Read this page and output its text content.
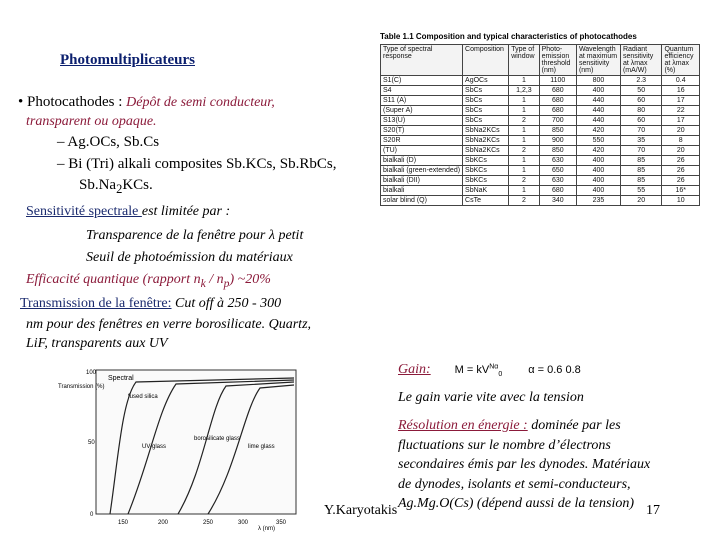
Photomultiplicateurs
• Photocathodes : Dépôt de semi conducteur,
transparent ou opaque.
– Ag.OCs, Sb.Cs
– Bi (Tri) alkali composites Sb.KCs, Sb.RbCs,
$Sb.Na_2KCs$.
Sensitivité spectrale est limitée par :
Transparence de la fenêtre pour λ petit
Seuil de photoémission du matériaux
Efficacité quantique (rapport $n_k / n_p$) ~20%
Transmission de la fenêtre: Cut off à 250 - 300
nm pour des fenêtres en verre borosilicate. Quartz,
LiF, transparents aux UV
Table 1.1 Composition and typical characteristics of photocathodes
Type of spectral response	Composition	Type of window	Photo-emission threshold (nm)	Wavelength at maximum sensitivity (nm)	Radiant sensitivity at λmax (mA/W)	Quantum efficiency at λmax (%)
S1(C)	AgOCs	1	1100	800	2.3	0.4
S4	SbCs	1,2,3	680	400	50	16
S11 (A)	SbCs	1	680	440	60	17
(Super A)	SbCs	1	680	440	80	22
S13(U)	SbCs	2	700	440	60	17
S20(T)	SbNa2KCs	1	850	420	70	20
S20R	SbNa2KCs	1	900	550	35	8
(TU)	SbNa2KCs	2	850	420	70	20
bialkali (D)	SbKCs	1	630	400	85	26
bialkali (green-extended)	SbKCs	1	650	400	85	26
bialkali (DII)	SbKCs	2	630	400	85	26
bialkali	SbNaK	1	680	400	55	16*
solar blind (Q)	CsTe	2	340	235	20	10
Spectral
Transmission (%)
100
50
0
150	200	250	300	350
λ (nm)
fused silica
UV-glass
borosilicate glass
lime glass
Gain: $M = kV^{N\alpha}_0$ α = 0.6 0.8
Le gain varie vite avec la tension
Résolution en énergie : dominée par les
fluctuations sur le nombre d’électrons
secondaires émis par les dynodes. Matériaux
de dynodes, isolants et semi-conducteurs,
Ag.Mg.O(Cs) (dépend aussi de la tension)
Y.Karyotakis	17
